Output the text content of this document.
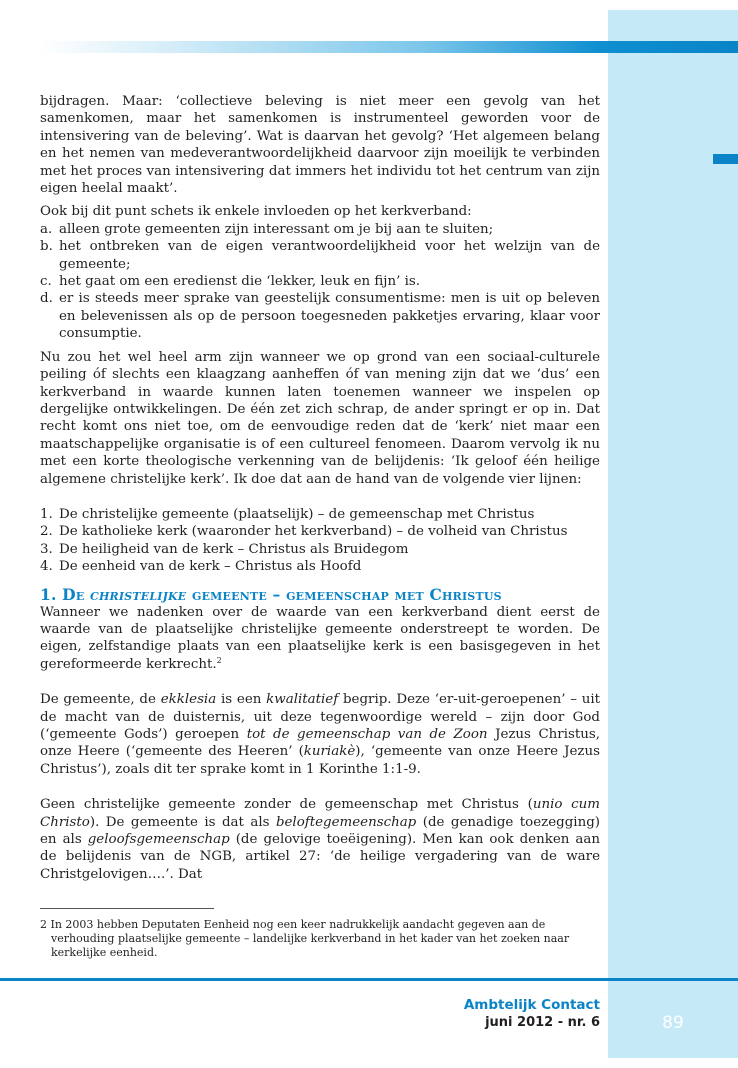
bijdragen. Maar: ‘collectieve beleving is niet meer een gevolg van het samenkomen, maar het samenkomen is instrumenteel geworden voor de intensivering van de beleving’. Wat is daarvan het gevolg? ‘Het algemeen belang en het nemen van medeverantwoordelijkheid daarvoor zijn moeilijk te verbinden met het proces van intensivering dat immers het individu tot het centrum van zijn eigen heelal maakt’.

Ook bij dit punt schets ik enkele invloeden op het kerkverband:

a. alleen grote gemeenten zijn interessant om je bij aan te sluiten;
b. het ontbreken van de eigen verantwoordelijkheid voor het welzijn van de gemeente;
c. het gaat om een eredienst die ‘lekker, leuk en fijn’ is.
d. er is steeds meer sprake van geestelijk consumentisme: men is uit op beleven en belevenissen als op de persoon toegesneden pakketjes ervaring, klaar voor consumptie.

Nu zou het wel heel arm zijn wanneer we op grond van een sociaal-culturele peiling óf slechts een klaagzang aanheffen óf van mening zijn dat we ‘dus’ een kerkverband in waarde kunnen laten toenemen wanneer we inspelen op dergelijke ontwikkelingen. De één zet zich schrap, de ander springt er op in. Dat recht komt ons niet toe, om de eenvoudige reden dat de ‘kerk’ niet maar een maatschappelijke organisatie is of een cultureel fenomeen. Daarom vervolg ik nu met een korte theologische verkenning van de belijdenis: ‘Ik geloof één heilige algemene christelijke kerk’. Ik doe dat aan de hand van de volgende vier lijnen:

1. De christelijke gemeente (plaatselijk) – de gemeenschap met Christus
2. De katholieke kerk (waaronder het kerkverband) – de volheid van Christus
3. De heiligheid van de kerk – Christus als Bruidegom
4. De eenheid van de kerk – Christus als Hoofd
1. De christelijke gemeente – gemeenschap met Christus

Wanneer we nadenken over de waarde van een kerkverband dient eerst de waarde van de plaatselijke christelijke gemeente onderstreept te worden. De eigen, zelfstandige plaats van een plaatselijke kerk is een basisgegeven in het gereformeerde kerkrecht.$^2$

De gemeente, de ekklesia is een kwalitatief begrip. Deze ‘er-uit-geroepenen’ – uit de macht van de duisternis, uit deze tegenwoordige wereld – zijn door God (‘gemeente Gods’) geroepen tot de gemeenschap van de Zoon Jezus Christus, onze Heere (‘gemeente des Heeren’ (kuriakè), ‘gemeente van onze Heere Jezus Christus’), zoals dit ter sprake komt in 1 Korinthe 1:1-9.

Geen christelijke gemeente zonder de gemeenschap met Christus (unio cum Christo). De gemeente is dat als beloftegemeenschap (de genadige toezegging) en als geloofsgemeenschap (de gelovige toeëigening). Men kan ook denken aan de belijdenis van de NGB, artikel 27: ‘de heilige vergadering van de ware Christgelovigen….’. Dat

2 In 2003 hebben Deputaten Eenheid nog een keer nadrukkelijk aandacht gegeven aan de verhouding plaatselijke gemeente – landelijke kerkverband in het kader van het zoeken naar kerkelijke eenheid.
Ambtelijk Contact
juni 2012 - nr. 6	89
